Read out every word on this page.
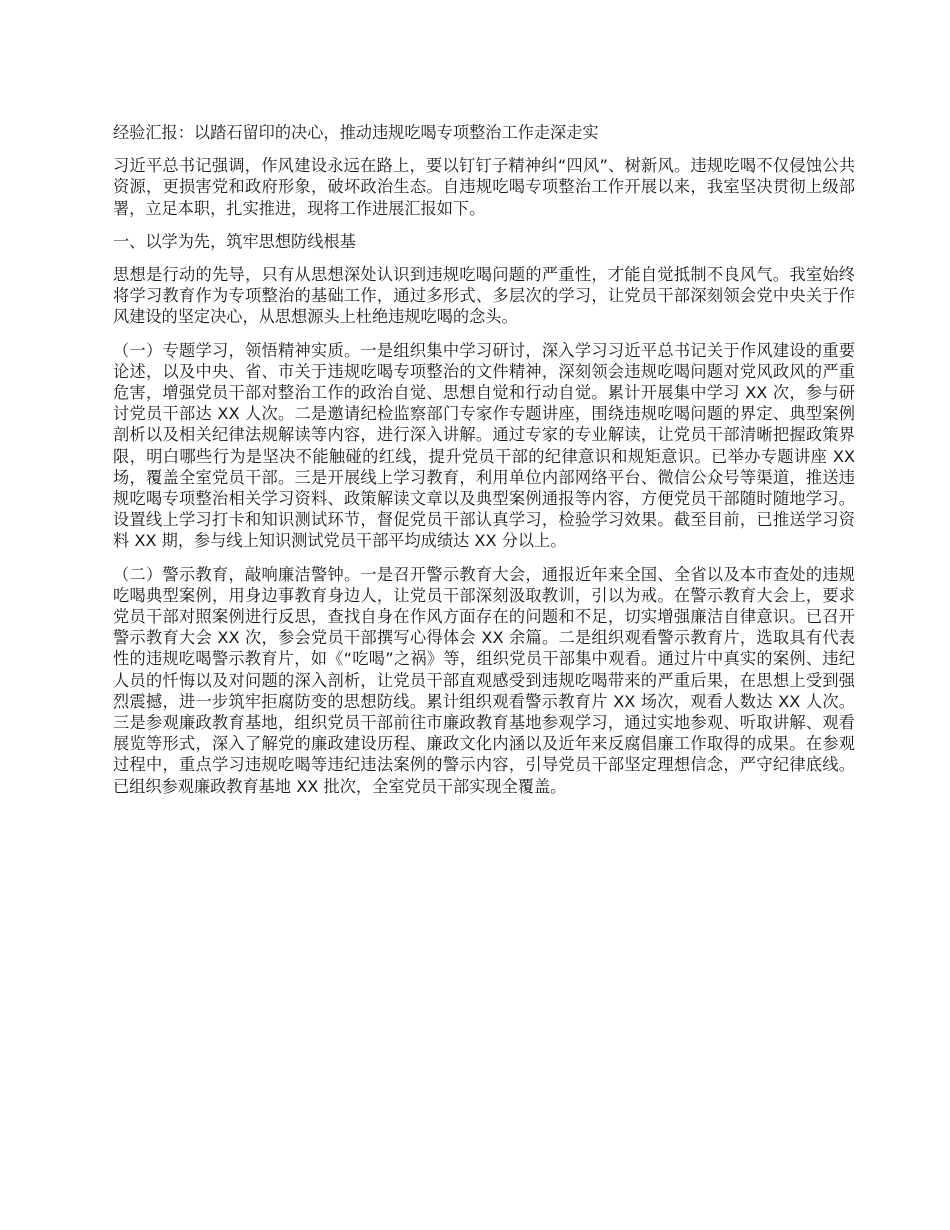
经验汇报：以踏石留印的决心，推动违规吃喝专项整治工作走深走实

习近平总书记强调，作风建设永远在路上，要以钉钉子精神纠“四风”、树新风。违规吃喝不仅侵蚀公共资源，更损害党和政府形象，破坏政治生态。自违规吃喝专项整治工作开展以来，我室坚决贯彻上级部署，立足本职，扎实推进，现将工作进展汇报如下。

一、以学为先，筑牢思想防线根基

思想是行动的先导，只有从思想深处认识到违规吃喝问题的严重性，才能自觉抵制不良风气。我室始终将学习教育作为专项整治的基础工作，通过多形式、多层次的学习，让党员干部深刻领会党中央关于作风建设的坚定决心，从思想源头上杜绝违规吃喝的念头。

（一）专题学习，领悟精神实质。一是组织集中学习研讨，深入学习习近平总书记关于作风建设的重要论述，以及中央、省、市关于违规吃喝专项整治的文件精神，深刻领会违规吃喝问题对党风政风的严重危害，增强党员干部对整治工作的政治自觉、思想自觉和行动自觉。累计开展集中学习 XX 次，参与研讨党员干部达 XX 人次。二是邀请纪检监察部门专家作专题讲座，围绕违规吃喝问题的界定、典型案例剖析以及相关纪律法规解读等内容，进行深入讲解。通过专家的专业解读，让党员干部清晰把握政策界限，明白哪些行为是坚决不能触碰的红线，提升党员干部的纪律意识和规矩意识。已举办专题讲座 XX 场，覆盖全室党员干部。三是开展线上学习教育，利用单位内部网络平台、微信公众号等渠道，推送违规吃喝专项整治相关学习资料、政策解读文章以及典型案例通报等内容，方便党员干部随时随地学习。设置线上学习打卡和知识测试环节，督促党员干部认真学习，检验学习效果。截至目前，已推送学习资料 XX 期，参与线上知识测试党员干部平均成绩达 XX 分以上。

（二）警示教育，敲响廉洁警钟。一是召开警示教育大会，通报近年来全国、全省以及本市查处的违规吃喝典型案例，用身边事教育身边人，让党员干部深刻汲取教训，引以为戒。在警示教育大会上，要求党员干部对照案例进行反思，查找自身在作风方面存在的问题和不足，切实增强廉洁自律意识。已召开警示教育大会 XX 次，参会党员干部撰写心得体会 XX 余篇。二是组织观看警示教育片，选取具有代表性的违规吃喝警示教育片，如《“吃喝”之祸》等，组织党员干部集中观看。通过片中真实的案例、违纪人员的忏悔以及对问题的深入剖析，让党员干部直观感受到违规吃喝带来的严重后果，在思想上受到强烈震撼，进一步筑牢拒腐防变的思想防线。累计组织观看警示教育片 XX 场次，观看人数达 XX 人次。三是参观廉政教育基地，组织党员干部前往市廉政教育基地参观学习，通过实地参观、听取讲解、观看展览等形式，深入了解党的廉政建设历程、廉政文化内涵以及近年来反腐倡廉工作取得的成果。在参观过程中，重点学习违规吃喝等违纪违法案例的警示内容，引导党员干部坚定理想信念，严守纪律底线。已组织参观廉政教育基地 XX 批次，全室党员干部实现全覆盖。
